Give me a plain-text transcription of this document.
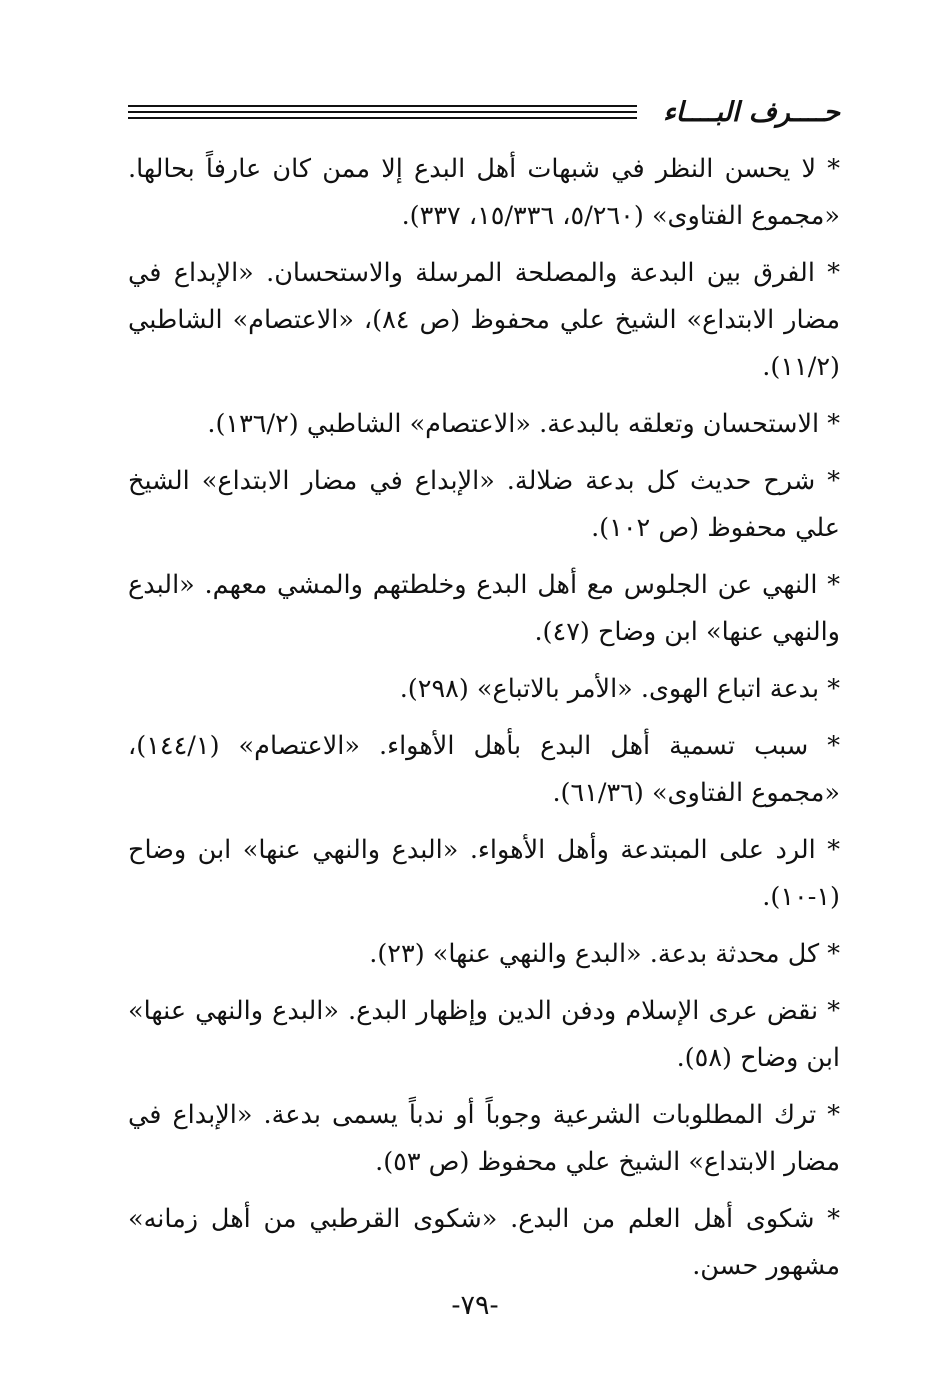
حــــرف البــــاء

* لا يحسن النظر في شبهات أهل البدع إلا ممن كان عارفاً بحالها. «مجموع الفتاوى» (٥/٢٦٠، ١٥/٣٣٦، ٣٣٧).

* الفرق بين البدعة والمصلحة المرسلة والاستحسان. «الإبداع في مضار الابتداع» الشيخ علي محفوظ (ص ٨٤)، «الاعتصام» الشاطبي (١١/٢).

* الاستحسان وتعلقه بالبدعة. «الاعتصام» الشاطبي (١٣٦/٢).

* شرح حديث كل بدعة ضلالة. «الإبداع في مضار الابتداع» الشيخ علي محفوظ (ص ١٠٢).

* النهي عن الجلوس مع أهل البدع وخلطتهم والمشي معهم. «البدع والنهي عنها» ابن وضاح (٤٧).

* بدعة اتباع الهوى. «الأمر بالاتباع» (٢٩٨).

* سبب تسمية أهل البدع بأهل الأهواء. «الاعتصام» (١٤٤/١)، «مجموع الفتاوى» (٦١/٣٦).

* الرد على المبتدعة وأهل الأهواء. «البدع والنهي عنها» ابن وضاح (١-١٠).

* كل محدثة بدعة. «البدع والنهي عنها» (٢٣).

* نقض عرى الإسلام ودفن الدين وإظهار البدع. «البدع والنهي عنها» ابن وضاح (٥٨).

* ترك المطلوبات الشرعية وجوباً أو ندباً يسمى بدعة. «الإبداع في مضار الابتداع» الشيخ علي محفوظ (ص ٥٣).

* شكوى أهل العلم من البدع. «شكوى القرطبي من أهل زمانه» مشهور حسن.

-٧٩-
